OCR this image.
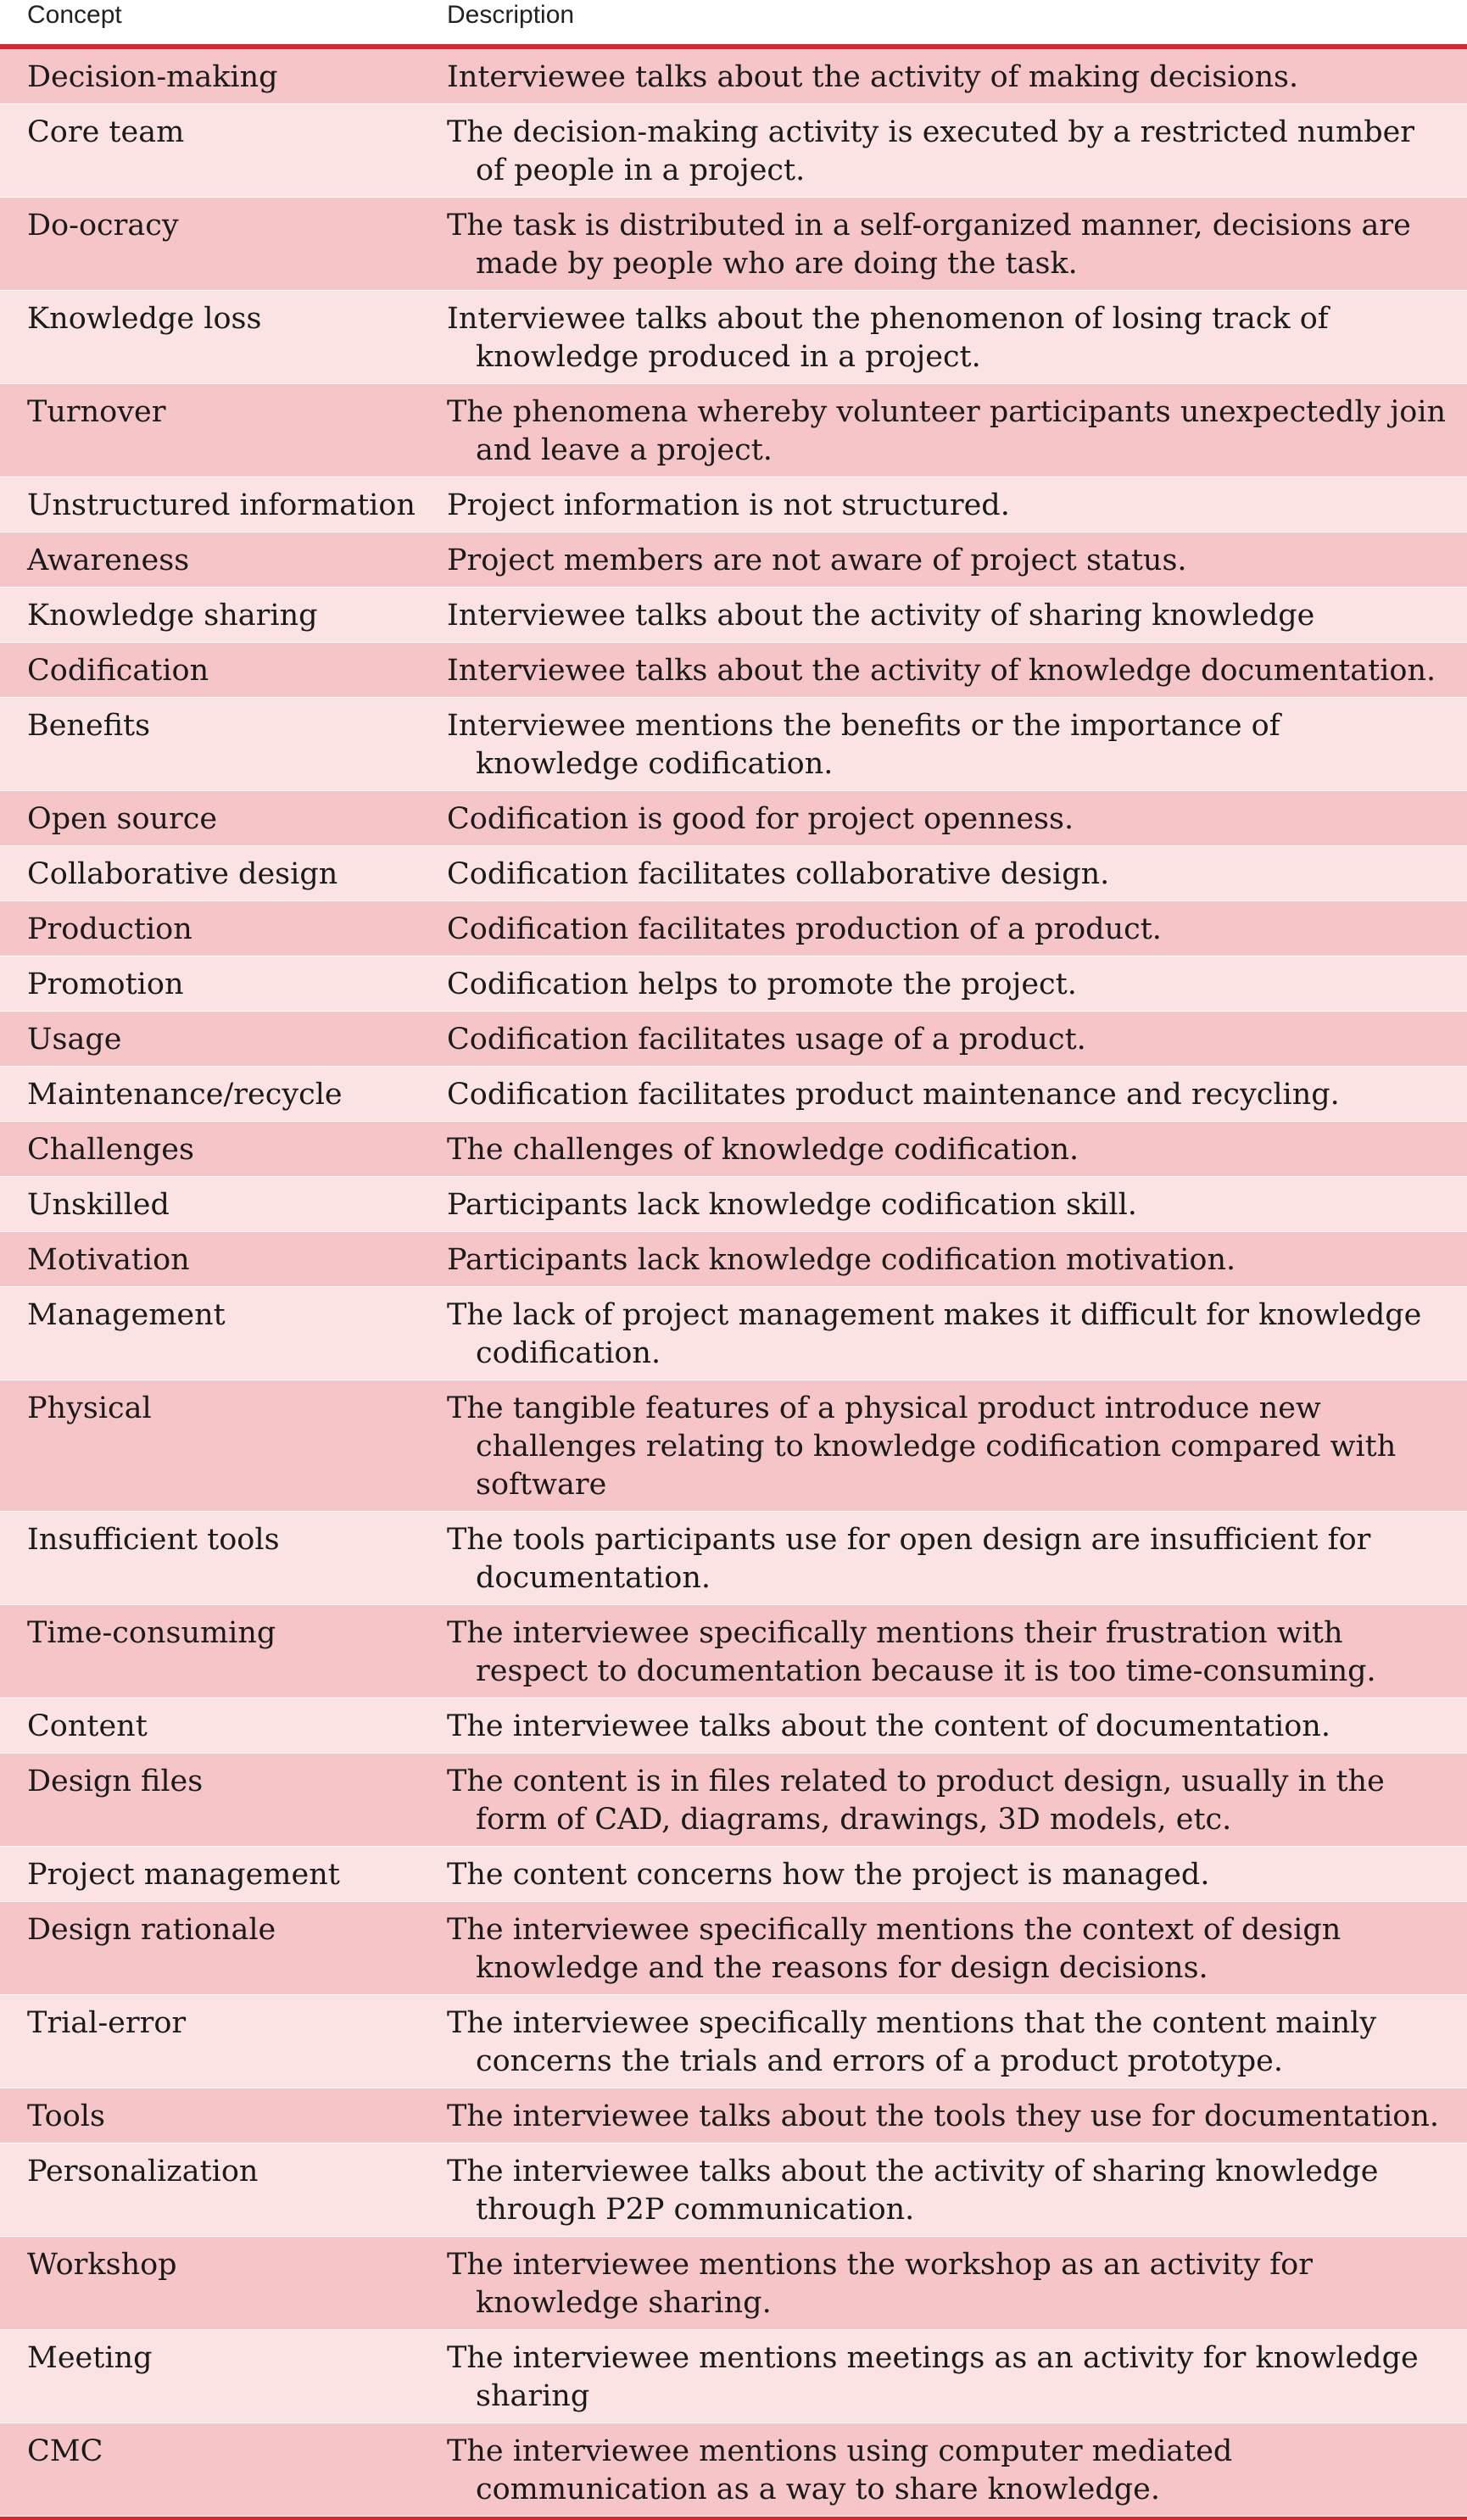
Concept	Description
Decision-making	Interviewee talks about the activity of making decisions.
Core team	The decision-making activity is executed by a restricted number of people in a project.
Do-ocracy	The task is distributed in a self-organized manner, decisions are made by people who are doing the task.
Knowledge loss	Interviewee talks about the phenomenon of losing track of knowledge produced in a project.
Turnover	The phenomena whereby volunteer participants unexpectedly join and leave a project.
Unstructured information	Project information is not structured.
Awareness	Project members are not aware of project status.
Knowledge sharing	Interviewee talks about the activity of sharing knowledge
Codification	Interviewee talks about the activity of knowledge documentation.
Benefits	Interviewee mentions the benefits or the importance of knowledge codification.
Open source	Codification is good for project openness.
Collaborative design	Codification facilitates collaborative design.
Production	Codification facilitates production of a product.
Promotion	Codification helps to promote the project.
Usage	Codification facilitates usage of a product.
Maintenance/recycle	Codification facilitates product maintenance and recycling.
Challenges	The challenges of knowledge codification.
Unskilled	Participants lack knowledge codification skill.
Motivation	Participants lack knowledge codification motivation.
Management	The lack of project management makes it difficult for knowledge codification.
Physical	The tangible features of a physical product introduce new challenges relating to knowledge codification compared with software
Insufficient tools	The tools participants use for open design are insufficient for documentation.
Time-consuming	The interviewee specifically mentions their frustration with respect to documentation because it is too time-consuming.
Content	The interviewee talks about the content of documentation.
Design files	The content is in files related to product design, usually in the form of CAD, diagrams, drawings, 3D models, etc.
Project management	The content concerns how the project is managed.
Design rationale	The interviewee specifically mentions the context of design knowledge and the reasons for design decisions.
Trial-error	The interviewee specifically mentions that the content mainly concerns the trials and errors of a product prototype.
Tools	The interviewee talks about the tools they use for documentation.
Personalization	The interviewee talks about the activity of sharing knowledge through P2P communication.
Workshop	The interviewee mentions the workshop as an activity for knowledge sharing.
Meeting	The interviewee mentions meetings as an activity for knowledge sharing
CMC	The interviewee mentions using computer mediated communication as a way to share knowledge.
